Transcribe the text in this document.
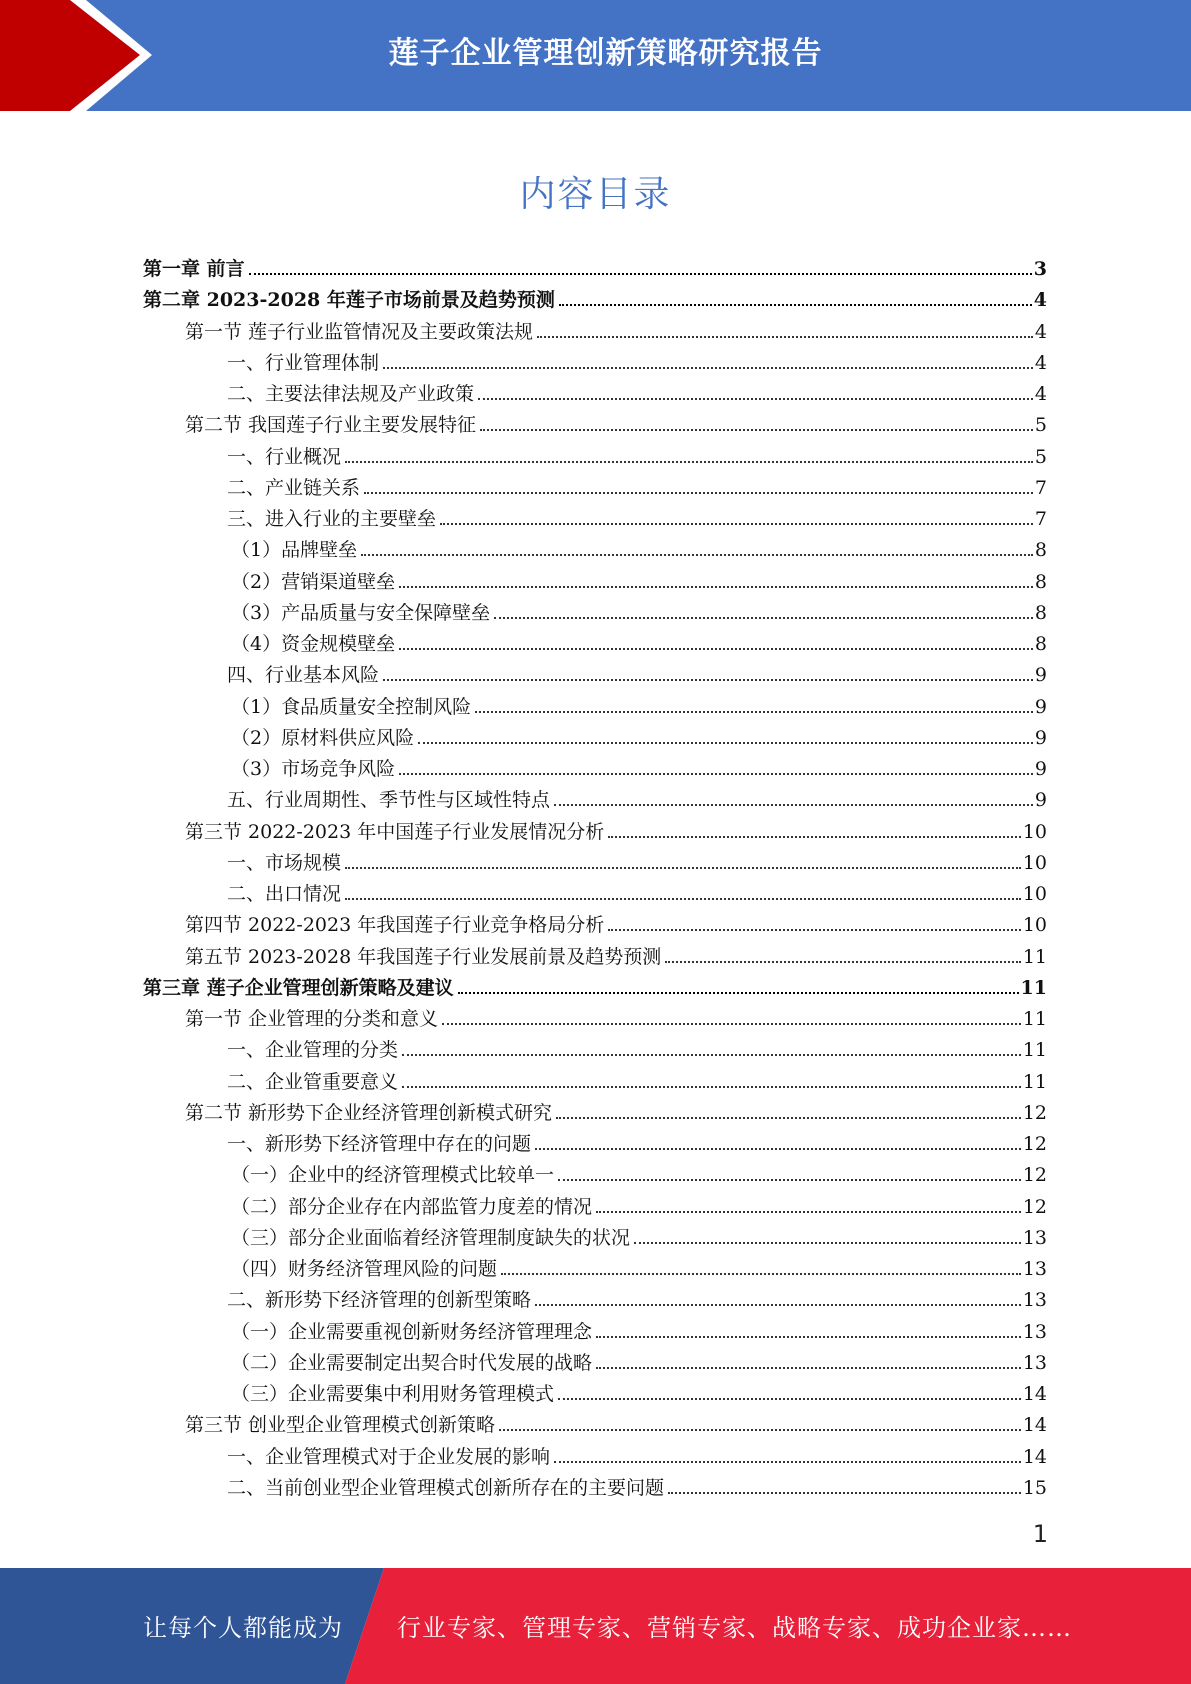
莲子企业管理创新策略研究报告
内容目录
第一章 前言	3
第二章 2023-2028 年莲子市场前景及趋势预测	4
第一节 莲子行业监管情况及主要政策法规	4
一、行业管理体制	4
二、主要法律法规及产业政策	4
第二节 我国莲子行业主要发展特征	5
一、行业概况	5
二、产业链关系	7
三、进入行业的主要壁垒	7
（1）品牌壁垒	8
（2）营销渠道壁垒	8
（3）产品质量与安全保障壁垒	8
（4）资金规模壁垒	8
四、行业基本风险	9
（1）食品质量安全控制风险	9
（2）原材料供应风险	9
（3）市场竞争风险	9
五、行业周期性、季节性与区域性特点	9
第三节 2022-2023 年中国莲子行业发展情况分析	10
一、市场规模	10
二、出口情况	10
第四节 2022-2023 年我国莲子行业竞争格局分析	10
第五节 2023-2028 年我国莲子行业发展前景及趋势预测	11
第三章 莲子企业管理创新策略及建议	11
第一节 企业管理的分类和意义	11
一、企业管理的分类	11
二、企业管重要意义	11
第二节 新形势下企业经济管理创新模式研究	12
一、新形势下经济管理中存在的问题	12
（一）企业中的经济管理模式比较单一	12
（二）部分企业存在内部监管力度差的情况	12
（三）部分企业面临着经济管理制度缺失的状况	13
（四）财务经济管理风险的问题	13
二、新形势下经济管理的创新型策略	13
（一）企业需要重视创新财务经济管理理念	13
（二）企业需要制定出契合时代发展的战略	13
（三）企业需要集中利用财务管理模式	14
第三节 创业型企业管理模式创新策略	14
一、企业管理模式对于企业发展的影响	14
二、当前创业型企业管理模式创新所存在的主要问题	15
1
让每个人都能成为 行业专家、管理专家、营销专家、战略专家、成功企业家……
